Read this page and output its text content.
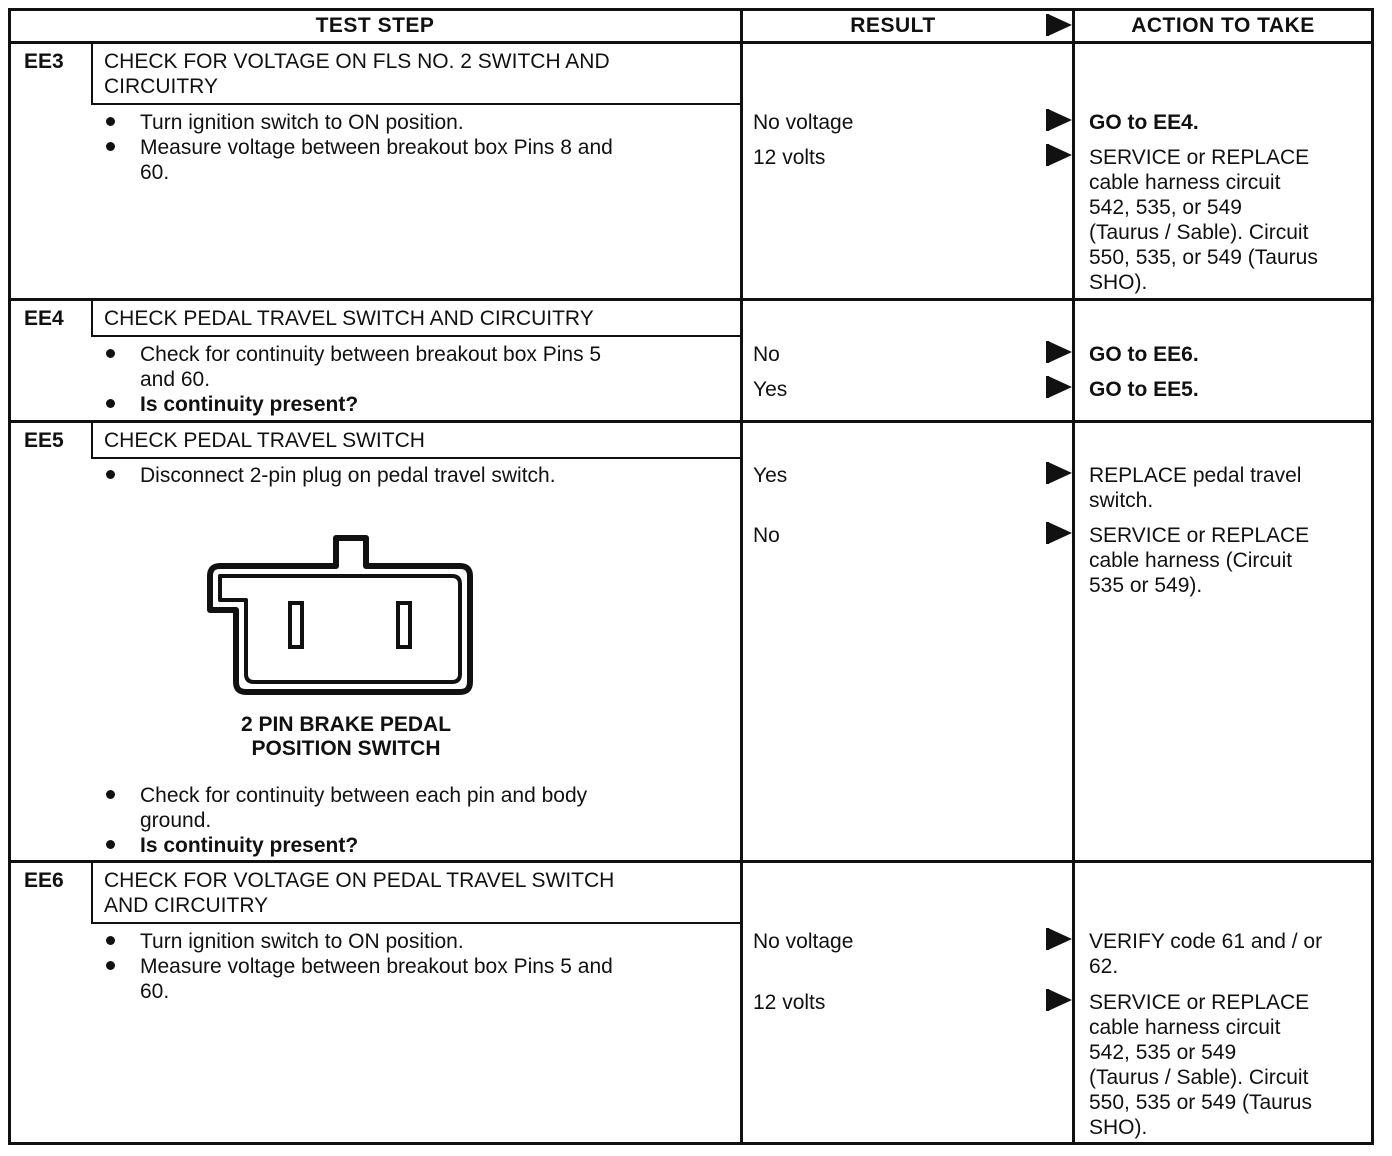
TEST STEP	RESULT	ACTION TO TAKE
EE3 CHECK FOR VOLTAGE ON FLS NO. 2 SWITCH AND
CIRCUITRY
Turn ignition switch to ON position.
Measure voltage between breakout box Pins 8 and
60.
No voltage	GO to EE4.
12 volts	SERVICE or REPLACE
cable harness circuit
542, 535, or 549
(Taurus / Sable). Circuit
550, 535, or 549 (Taurus
SHO).
EE4 CHECK PEDAL TRAVEL SWITCH AND CIRCUITRY
Check for continuity between breakout box Pins 5
and 60.
Is continuity present?
No	GO to EE6.
Yes	GO to EE5.
EE5 CHECK PEDAL TRAVEL SWITCH
Disconnect 2-pin plug on pedal travel switch.
2 PIN BRAKE PEDAL
POSITION SWITCH
Check for continuity between each pin and body
ground.
Is continuity present?
Yes	REPLACE pedal travel
switch.
No	SERVICE or REPLACE
cable harness (Circuit
535 or 549).
EE6 CHECK FOR VOLTAGE ON PEDAL TRAVEL SWITCH
AND CIRCUITRY
Turn ignition switch to ON position.
Measure voltage between breakout box Pins 5 and
60.
No voltage	VERIFY code 61 and / or
62.
12 volts	SERVICE or REPLACE
cable harness circuit
542, 535 or 549
(Taurus / Sable). Circuit
550, 535 or 549 (Taurus
SHO).
